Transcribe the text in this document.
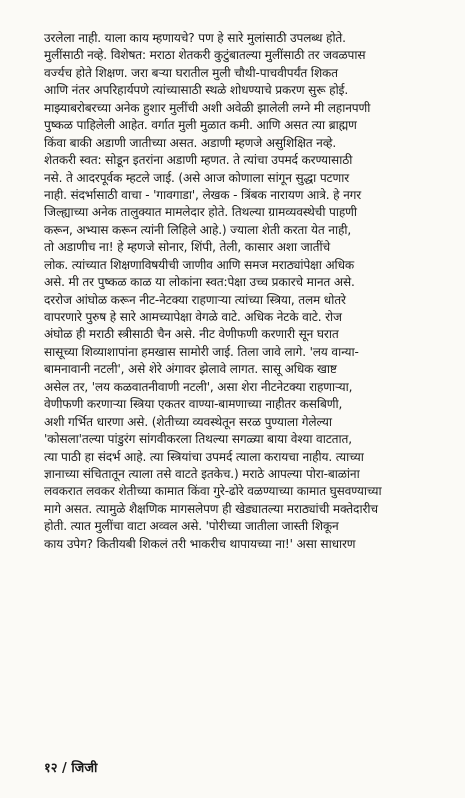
उरलेला नाही. याला काय म्हणायचे? पण हे सारे मुलांसाठी उपलब्ध होते.
मुलींसाठी नव्हे. विशेषत: मराठा शेतकरी कुटुंबातल्या मुलींसाठी तर जवळपास
वर्ज्यच होते शिक्षण. जरा बऱ्या घरातील मुली चौथी-पाचवीपर्यंत शिकत
आणि नंतर अपरिहार्यपणे त्यांच्यासाठी स्थळे शोधण्याचे प्रकरण सुरू होई.
माझ्याबरोबरच्या अनेक हुशार मुलींची अशी अवेळी झालेली लग्ने मी लहानपणी
पुष्कळ पाहिलेली आहेत. वर्गात मुली मुळात कमी. आणि असत त्या ब्राह्मण
किंवा बाकी अडाणी जातीच्या असत. अडाणी म्हणजे असुशिक्षित नव्हे.
शेतकरी स्वत: सोडून इतरांना अडाणी म्हणत. ते त्यांचा उपमर्द करण्यासाठी
नसे. ते आदरपूर्वक म्हटले जाई. (असे आज कोणाला सांगून सुद्धा पटणार
नाही. संदर्भासाठी वाचा - 'गावगाडा', लेखक - त्रिंबक नारायण आत्रे. हे नगर
जिल्ह्याच्या अनेक तालुक्यात मामलेदार होते. तिथल्या ग्रामव्यवस्थेची पाहणी
करून, अभ्यास करून त्यांनी लिहिले आहे.) ज्याला शेती करता येत नाही,
तो अडाणीच ना! हे म्हणजे सोनार, शिंपी, तेली, कासार अशा जातींचे
लोक. त्यांच्यात शिक्षणाविषयीची जाणीव आणि समज मराठ्यांपेक्षा अधिक
असे. मी तर पुष्कळ काळ या लोकांना स्वत:पेक्षा उच्च प्रकारचे मानत असे.
दररोज आंघोळ करून नीट-नेटक्या राहणाऱ्या त्यांच्या स्त्रिया, तलम धोतरे
वापरणारे पुरुष हे सारे आमच्यापेक्षा वेगळे वाटे. अधिक नेटके वाटे. रोज
अंघोळ ही मराठी स्त्रीसाठी चैन असे. नीट वेणीफणी करणारी सून घरात
सासूच्या शिव्याशापांना हमखास सामोरी जाई. तिला जावे लागे. 'लय वान्या-
बामनावानी नटली', असे शेरे अंगावर झेलावे लागत. सासू अधिक खाष्ट
असेल तर, 'लय कळवातनीवाणी नटली', असा शेरा नीटनेटक्या राहणाऱ्या,
वेणीफणी करणाऱ्या स्त्रिया एकतर वाण्या-बामणाच्या नाहीतर कसबिणी,
अशी गर्भित धारणा असे. (शेतीच्या व्यवस्थेतून सरळ पुण्याला गेलेल्या
'कोसला'तल्या पांडुरंग सांगवीकरला तिथल्या सगळ्या बाया वेश्या वाटतात,
त्या पाठी हा संदर्भ आहे. त्या स्त्रियांचा उपमर्द त्याला करायचा नाहीय. त्याच्या
ज्ञानाच्या संचितातून त्याला तसे वाटते इतकेच.) मराठे आपल्या पोरा-बाळांना
लवकरात लवकर शेतीच्या कामात किंवा गुरे-ढोरे वळण्याच्या कामात घुसवण्याच्या
मागे असत. त्यामुळे शैक्षणिक मागसलेपण ही खेड्यातल्या मराठ्यांची मक्तेदारीच
होती. त्यात मुलींचा वाटा अव्वल असे. 'पोरीच्या जातीला जास्ती शिकून
काय उपेग? कितीयबी शिकलं तरी भाकरीच थापायच्या ना!' असा साधारण
१२ / जिजी
